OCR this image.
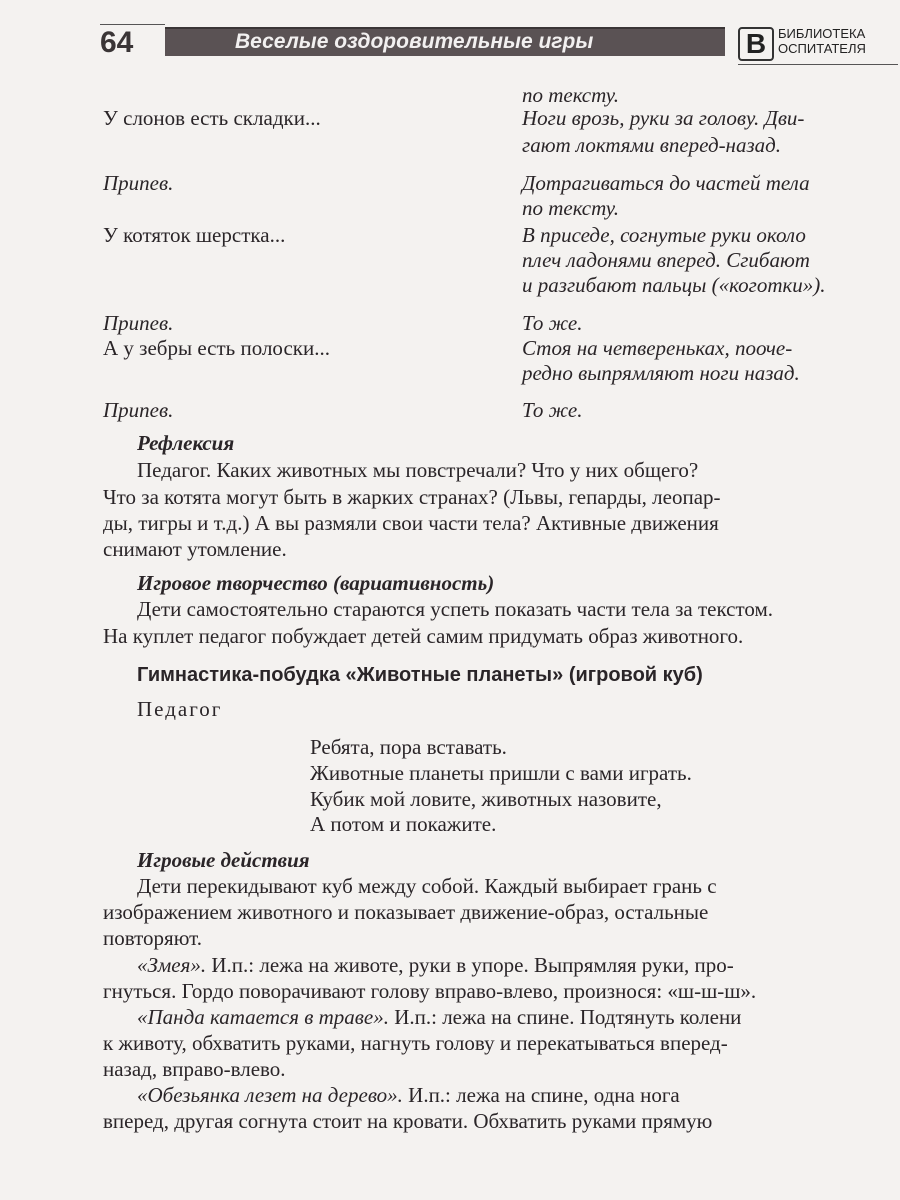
64	Веселые оздоровительные игры	В БИБЛИОТЕКА
ОСПИТАТЕЛЯ
У слонов есть складки...
Припев.
У котяток шерстка...
Припев.
А у зебры есть полоски...
Припев.
по тексту.
Ноги врозь, руки за голову. Дви-
гают локтями вперед-назад.
Дотрагиваться до частей тела
по тексту.
В приседе, согнутые руки около
плеч ладонями вперед. Сгибают
и разгибают пальцы («коготки»).
То же.
Стоя на четвереньках, пооче-
редно выпрямляют ноги назад.
То же.
Рефлексия
Педагог. Каких животных мы повстречали? Что у них общего?
Что за котята могут быть в жарких странах? (Львы, гепарды, леопар-
ды, тигры и т.д.) А вы размяли свои части тела? Активные движения
снимают утомление.
Игровое творчество (вариативность)
Дети самостоятельно стараются успеть показать части тела за текстом.
На куплет педагог побуждает детей самим придумать образ животного.
Гимнастика-побудка «Животные планеты» (игровой куб)
Педагог
Ребята, пора вставать.
Животные планеты пришли с вами играть.
Кубик мой ловите, животных назовите,
А потом и покажите.
Игровые действия
Дети перекидывают куб между собой. Каждый выбирает грань с
изображением животного и показывает движение-образ, остальные
повторяют.
«Змея». И.п.: лежа на животе, руки в упоре. Выпрямляя руки, про-
гнуться. Гордо поворачивают голову вправо-влево, произнося: «ш-ш-ш».
«Панда катается в траве». И.п.: лежа на спине. Подтянуть колени
к животу, обхватить руками, нагнуть голову и перекатываться вперед-
назад, вправо-влево.
«Обезьянка лезет на дерево». И.п.: лежа на спине, одна нога
вперед, другая согнута стоит на кровати. Обхватить руками прямую
